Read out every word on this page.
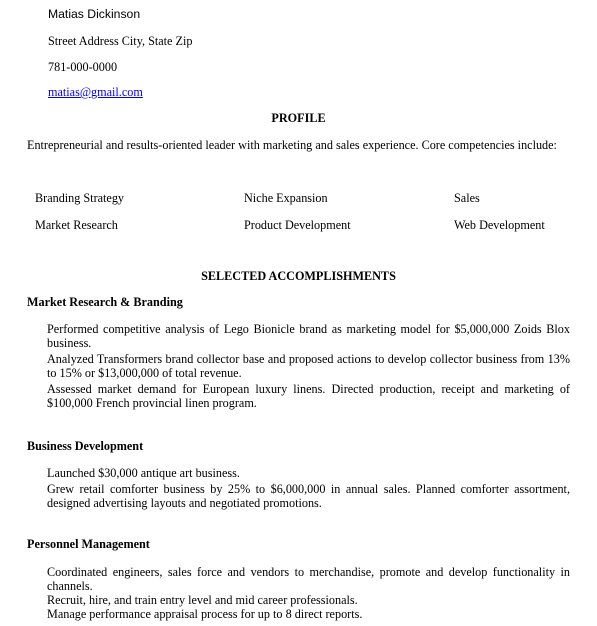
Matias Dickinson
Street Address City, State Zip
781-000-0000
matias@gmail.com
PROFILE
Entrepreneurial and results-oriented leader with marketing and sales experience. Core competencies include:
Branding Strategy	Niche Expansion	Sales
Market Research	Product Development	Web Development
SELECTED ACCOMPLISHMENTS
Market Research & Branding
Performed competitive analysis of Lego Bionicle brand as marketing model for $5,000,000 Zoids Blox business.
Analyzed Transformers brand collector base and proposed actions to develop collector business from 13% to 15% or $13,000,000 of total revenue.
Assessed market demand for European luxury linens. Directed production, receipt and marketing of $100,000 French provincial linen program.
Business Development
Launched $30,000 antique art business.
Grew retail comforter business by 25% to $6,000,000 in annual sales. Planned comforter assortment, designed advertising layouts and negotiated promotions.
Personnel Management
Coordinated engineers, sales force and vendors to merchandise, promote and develop functionality in channels.
Recruit, hire, and train entry level and mid career professionals.
Manage performance appraisal process for up to 8 direct reports.
